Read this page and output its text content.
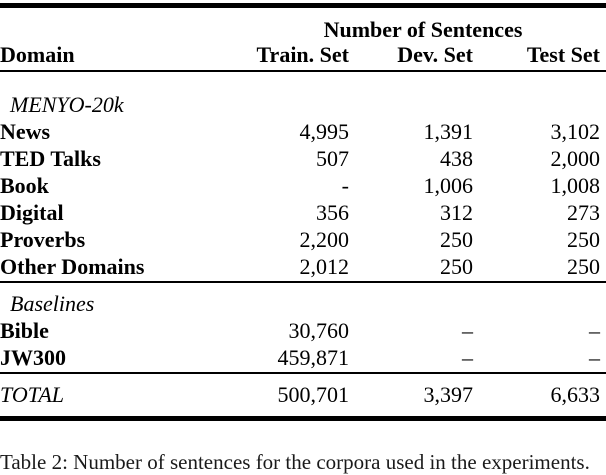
	Number of Sentences		
Domain	Train. Set	Dev. Set	Test Set
MENYO-20k			
News	4,995	1,391	3,102
TED Talks	507	438	2,000
Book	-	1,006	1,008
Digital	356	312	273
Proverbs	2,200	250	250
Other Domains	2,012	250	250
Baselines			
Bible	30,760	–	–
JW300	459,871	–	–
TOTAL	500,701	3,397	6,633
Table 2: Number of sentences for the corpora used in the experiments.
